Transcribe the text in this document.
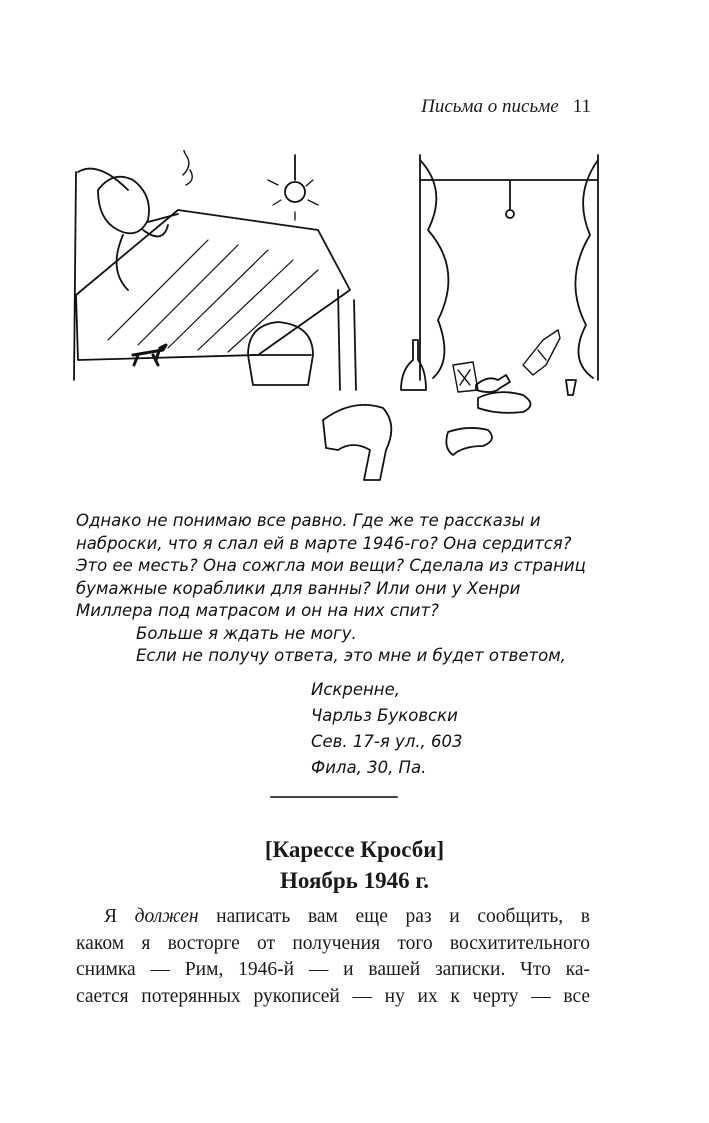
Письма о письме 11
Однако не понимаю все равно. Где же те рассказы и
наброски, что я слал ей в марте 1946-го? Она сердится?
Это ее месть? Она сожгла мои вещи? Сделала из страниц
бумажные кораблики для ванны? Или они у Хенри
Миллера под матрасом и он на них спит?
Больше я ждать не могу.
Если не получу ответа, это мне и будет ответом,
Искренне,
Чарльз Буковски
Сев. 17-я ул., 603
Фила, 30, Па.
[Карессе Кросби]
Ноябрь 1946 г.
Я должен написать вам еще раз и сообщить, в
каком я восторге от получения того восхитительного
снимка — Рим, 1946-й — и вашей записки. Что ка-
сается потерянных рукописей — ну их к черту — все
